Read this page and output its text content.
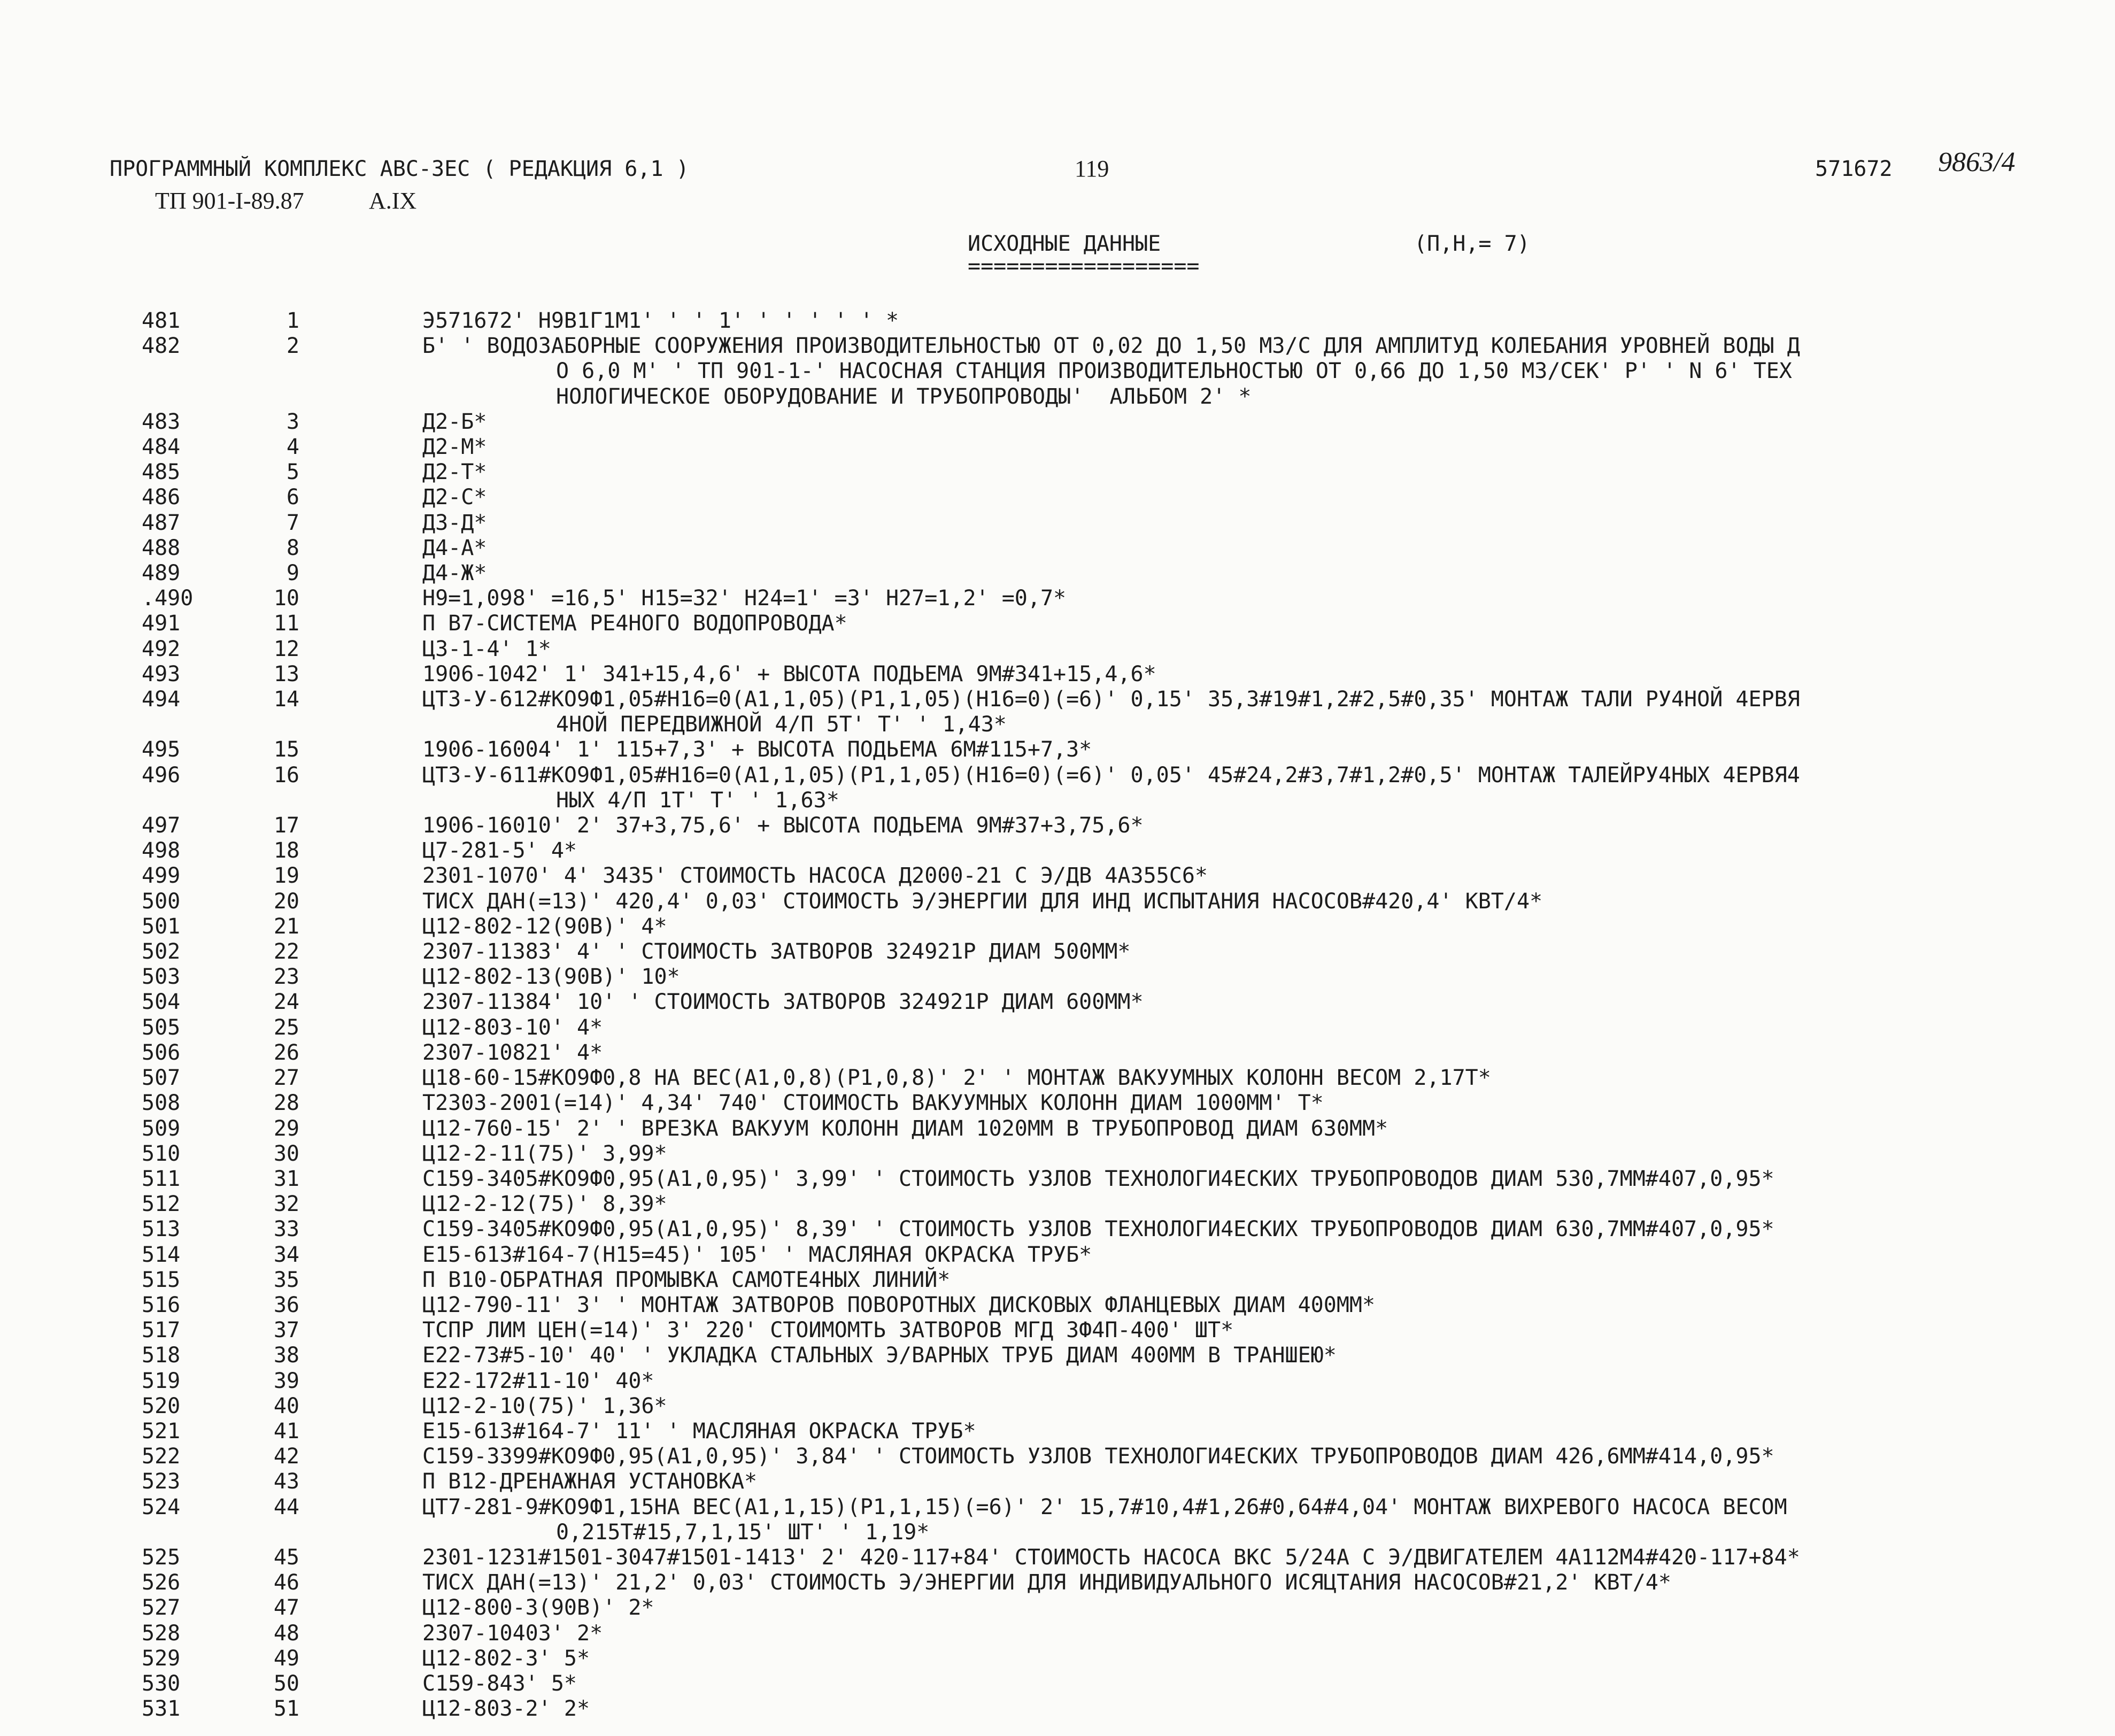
ПРОГРАММНЫЙ КОМПЛЕКС АВС-ЗЕС ( РЕДАКЦИЯ 6,1 )
ТП 901-I-89.87	А.IX
119	571672 9863/4
ИСХОДНЫЕ ДАННЫЕ
==================
(П,Н,= 7)
481	1	Э571672' Н9В1Г1М1' ' ' 1' ' ' ' ' ' *
482	2	Б' ' ВОДОЗАБОРНЫЕ СООРУЖЕНИЯ ПРОИЗВОДИТЕЛЬНОСТЬЮ ОТ 0,02 ДО 1,50 М3/С ДЛЯ АМПЛИТУД КОЛЕБАНИЯ УРОВНЕЙ ВОДЫ Д
О 6,0 М' ' ТП 901-1-' НАСОСНАЯ СТАНЦИЯ ПРОИЗВОДИТЕЛЬНОСТЬЮ ОТ 0,66 ДО 1,50 М3/СЕК' Р' ' N 6' ТЕХ
НОЛОГИЧЕСКОЕ ОБОРУДОВАНИЕ И ТРУБОПРОВОДЫ'  АЛЬБОМ 2' *
483	3	Д2-Б*
484	4	Д2-М*
485	5	Д2-Т*
486	6	Д2-С*
487	7	Д3-Д*
488	8	Д4-А*
489	9	Д4-Ж*
.490	10	Н9=1,098' =16,5' Н15=32' Н24=1' =3' Н27=1,2' =0,7*
491	11	П В7-СИСТЕМА РЕ4НОГО ВОДОПРОВОДА*
492	12	Ц3-1-4' 1*
493	13	1906-1042' 1' 341+15,4,6' + ВЫСОТА ПОДЬЕМА 9М#341+15,4,6*
494	14	ЦТ3-У-612#КО9Ф1,05#Н16=0(А1,1,05)(Р1,1,05)(Н16=0)(=6)' 0,15' 35,3#19#1,2#2,5#0,35' МОНТАЖ ТАЛИ РУ4НОЙ 4ЕРВЯ
4НОЙ ПЕРЕДВИЖНОЙ 4/П 5Т' Т' ' 1,43*
495	15	1906-16004' 1' 115+7,3' + ВЫСОТА ПОДЬЕМА 6М#115+7,3*
496	16	ЦТ3-У-611#КО9Ф1,05#Н16=0(А1,1,05)(Р1,1,05)(Н16=0)(=6)' 0,05' 45#24,2#3,7#1,2#0,5' МОНТАЖ ТАЛЕЙРУ4НЫХ 4ЕРВЯ4
НЫХ 4/П 1Т' Т' ' 1,63*
497	17	1906-16010' 2' 37+3,75,6' + ВЫСОТА ПОДЬЕМА 9М#37+3,75,6*
498	18	Ц7-281-5' 4*
499	19	2301-1070' 4' 3435' СТОИМОСТЬ НАСОСА Д2000-21 С Э/ДВ 4А355С6*
500	20	ТИСХ ДАН(=13)' 420,4' 0,03' СТОИМОСТЬ Э/ЭНЕРГИИ ДЛЯ ИНД ИСПЫТАНИЯ НАСОСОВ#420,4' КВТ/4*
501	21	Ц12-802-12(90В)' 4*
502	22	2307-11383' 4' ' СТОИМОСТЬ ЗАТВОРОВ 324921Р ДИАМ 500ММ*
503	23	Ц12-802-13(90В)' 10*
504	24	2307-11384' 10' ' СТОИМОСТЬ ЗАТВОРОВ 324921Р ДИАМ 600ММ*
505	25	Ц12-803-10' 4*
506	26	2307-10821' 4*
507	27	Ц18-60-15#КО9Ф0,8 НА ВЕС(А1,0,8)(Р1,0,8)' 2' ' МОНТАЖ ВАКУУМНЫХ КОЛОНН ВЕСОМ 2,17Т*
508	28	Т2303-2001(=14)' 4,34' 740' СТОИМОСТЬ ВАКУУМНЫХ КОЛОНН ДИАМ 1000ММ' Т*
509	29	Ц12-760-15' 2' ' ВРЕЗКА ВАКУУМ КОЛОНН ДИАМ 1020ММ В ТРУБОПРОВОД ДИАМ 630ММ*
510	30	Ц12-2-11(75)' 3,99*
511	31	С159-3405#КО9Ф0,95(А1,0,95)' 3,99' ' СТОИМОСТЬ УЗЛОВ ТЕХНОЛОГИ4ЕСКИХ ТРУБОПРОВОДОВ ДИАМ 530,7ММ#407,0,95*
512	32	Ц12-2-12(75)' 8,39*
513	33	С159-3405#КО9Ф0,95(А1,0,95)' 8,39' ' СТОИМОСТЬ УЗЛОВ ТЕХНОЛОГИ4ЕСКИХ ТРУБОПРОВОДОВ ДИАМ 630,7ММ#407,0,95*
514	34	Е15-613#164-7(Н15=45)' 105' ' МАСЛЯНАЯ ОКРАСКА ТРУБ*
515	35	П В10-ОБРАТНАЯ ПРОМЫВКА САМОТЕ4НЫХ ЛИНИЙ*
516	36	Ц12-790-11' 3' ' МОНТАЖ ЗАТВОРОВ ПОВОРОТНЫХ ДИСКОВЫХ ФЛАНЦЕВЫХ ДИАМ 400ММ*
517	37	ТСПР ЛИМ ЦЕН(=14)' 3' 220' СТОИМОМТЬ ЗАТВОРОВ МГД 3Ф4П-400' ШТ*
518	38	Е22-73#5-10' 40' ' УКЛАДКА СТАЛЬНЫХ Э/ВАРНЫХ ТРУБ ДИАМ 400ММ В ТРАНШЕЮ*
519	39	Е22-172#11-10' 40*
520	40	Ц12-2-10(75)' 1,36*
521	41	Е15-613#164-7' 11' ' МАСЛЯНАЯ ОКРАСКА ТРУБ*
522	42	С159-3399#КО9Ф0,95(А1,0,95)' 3,84' ' СТОИМОСТЬ УЗЛОВ ТЕХНОЛОГИ4ЕСКИХ ТРУБОПРОВОДОВ ДИАМ 426,6ММ#414,0,95*
523	43	П В12-ДРЕНАЖНАЯ УСТАНОВКА*
524	44	ЦТ7-281-9#КО9Ф1,15НА ВЕС(А1,1,15)(Р1,1,15)(=6)' 2' 15,7#10,4#1,26#0,64#4,04' МОНТАЖ ВИХРЕВОГО НАСОСА ВЕСОМ
0,215Т#15,7,1,15' ШТ' ' 1,19*
525	45	2301-1231#1501-3047#1501-1413' 2' 420-117+84' СТОИМОСТЬ НАСОСА ВКС 5/24А С Э/ДВИГАТЕЛЕМ 4А112М4#420-117+84*
526	46	ТИСХ ДАН(=13)' 21,2' 0,03' СТОИМОСТЬ Э/ЭНЕРГИИ ДЛЯ ИНДИВИДУАЛЬНОГО ИСЯЦТАНИЯ НАСОСОВ#21,2' КВТ/4*
527	47	Ц12-800-3(90В)' 2*
528	48	2307-10403' 2*
529	49	Ц12-802-3' 5*
530	50	С159-843' 5*
531	51	Ц12-803-2' 2*
